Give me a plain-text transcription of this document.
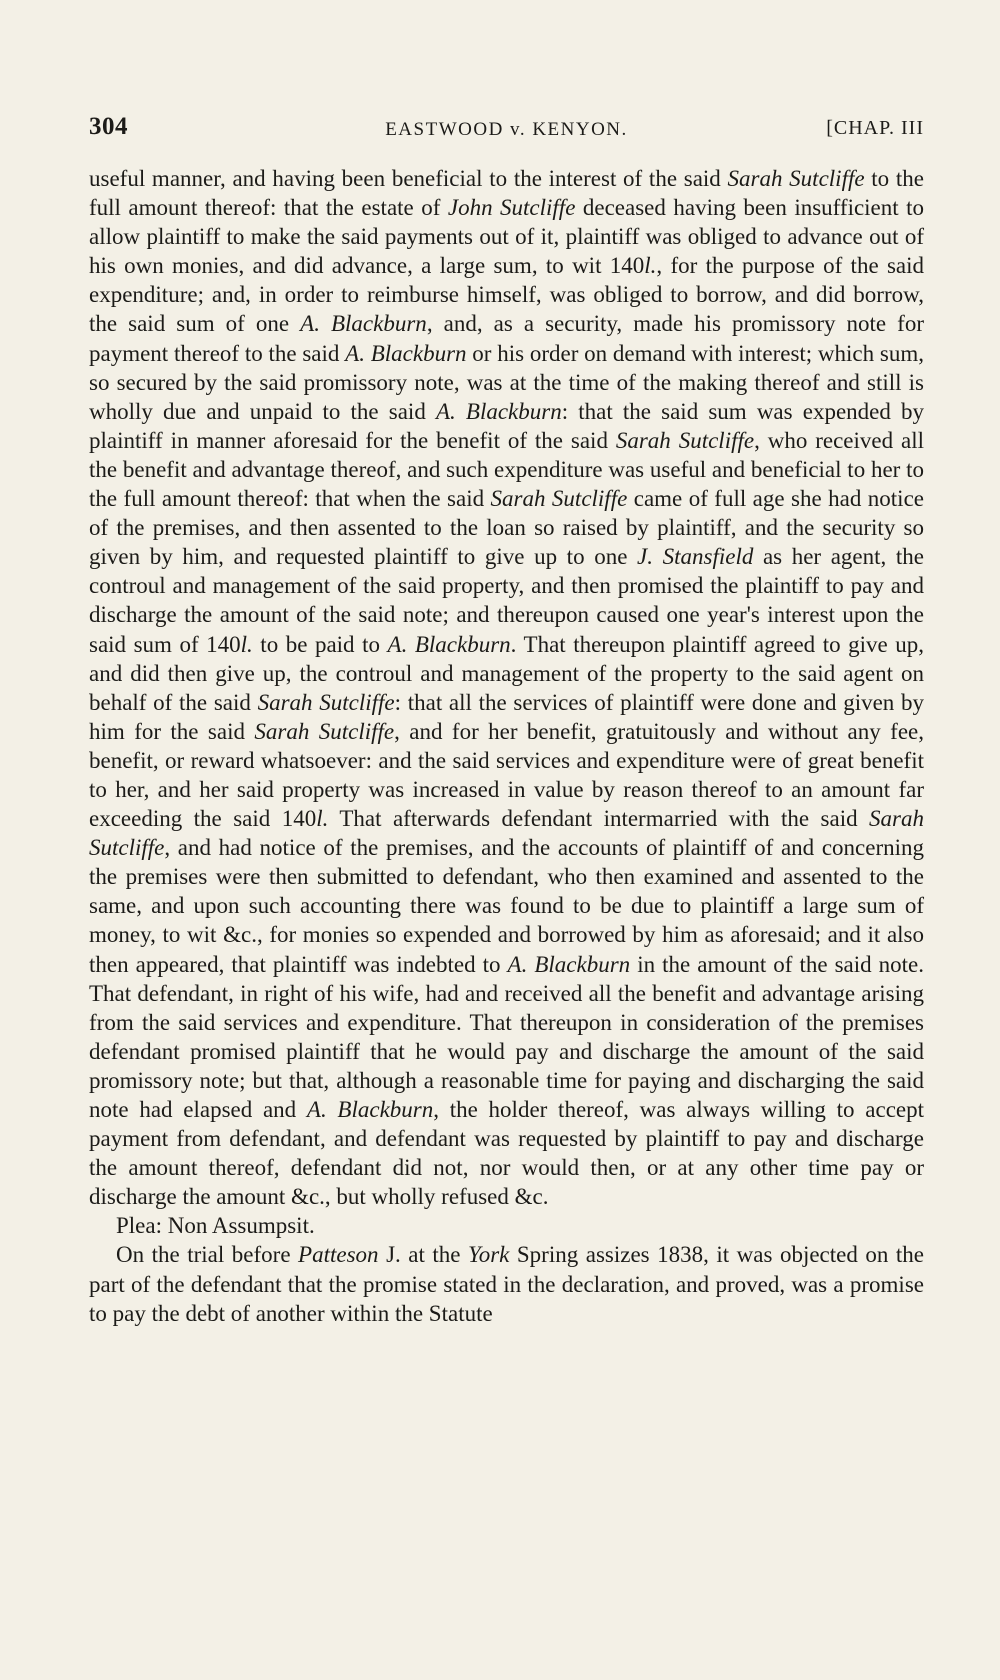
304	EASTWOOD v. KENYON.	[CHAP. III

useful manner, and having been beneficial to the interest of the said Sarah Sutcliffe to the full amount thereof: that the estate of John Sutcliffe deceased having been insufficient to allow plaintiff to make the said payments out of it, plaintiff was obliged to advance out of his own monies, and did advance, a large sum, to wit 140l., for the purpose of the said expenditure; and, in order to reimburse himself, was obliged to borrow, and did borrow, the said sum of one A. Blackburn, and, as a security, made his promissory note for payment thereof to the said A. Blackburn or his order on demand with interest; which sum, so secured by the said promissory note, was at the time of the making thereof and still is wholly due and unpaid to the said A. Blackburn: that the said sum was expended by plaintiff in manner aforesaid for the benefit of the said Sarah Sutcliffe, who received all the benefit and advantage thereof, and such expenditure was useful and beneficial to her to the full amount thereof: that when the said Sarah Sutcliffe came of full age she had notice of the premises, and then assented to the loan so raised by plaintiff, and the security so given by him, and requested plaintiff to give up to one J. Stansfield as her agent, the controul and management of the said property, and then promised the plaintiff to pay and discharge the amount of the said note; and thereupon caused one year's interest upon the said sum of 140l. to be paid to A. Blackburn. That thereupon plaintiff agreed to give up, and did then give up, the controul and management of the property to the said agent on behalf of the said Sarah Sutcliffe: that all the services of plaintiff were done and given by him for the said Sarah Sutcliffe, and for her benefit, gratuitously and without any fee, benefit, or reward whatsoever: and the said services and expenditure were of great benefit to her, and her said property was increased in value by reason thereof to an amount far exceeding the said 140l. That afterwards defendant intermarried with the said Sarah Sutcliffe, and had notice of the premises, and the accounts of plaintiff of and concerning the premises were then submitted to defendant, who then examined and assented to the same, and upon such accounting there was found to be due to plaintiff a large sum of money, to wit &c., for monies so expended and borrowed by him as aforesaid; and it also then appeared, that plaintiff was indebted to A. Blackburn in the amount of the said note. That defendant, in right of his wife, had and received all the benefit and advantage arising from the said services and expenditure. That thereupon in consideration of the premises defendant promised plaintiff that he would pay and discharge the amount of the said promissory note; but that, although a reasonable time for paying and discharging the said note had elapsed and A. Blackburn, the holder thereof, was always willing to accept payment from defendant, and defendant was requested by plaintiff to pay and discharge the amount thereof, defendant did not, nor would then, or at any other time pay or discharge the amount &c., but wholly refused &c.

Plea: Non Assumpsit.

On the trial before Patteson J. at the York Spring assizes 1838, it was objected on the part of the defendant that the promise stated in the declaration, and proved, was a promise to pay the debt of another within the Statute
